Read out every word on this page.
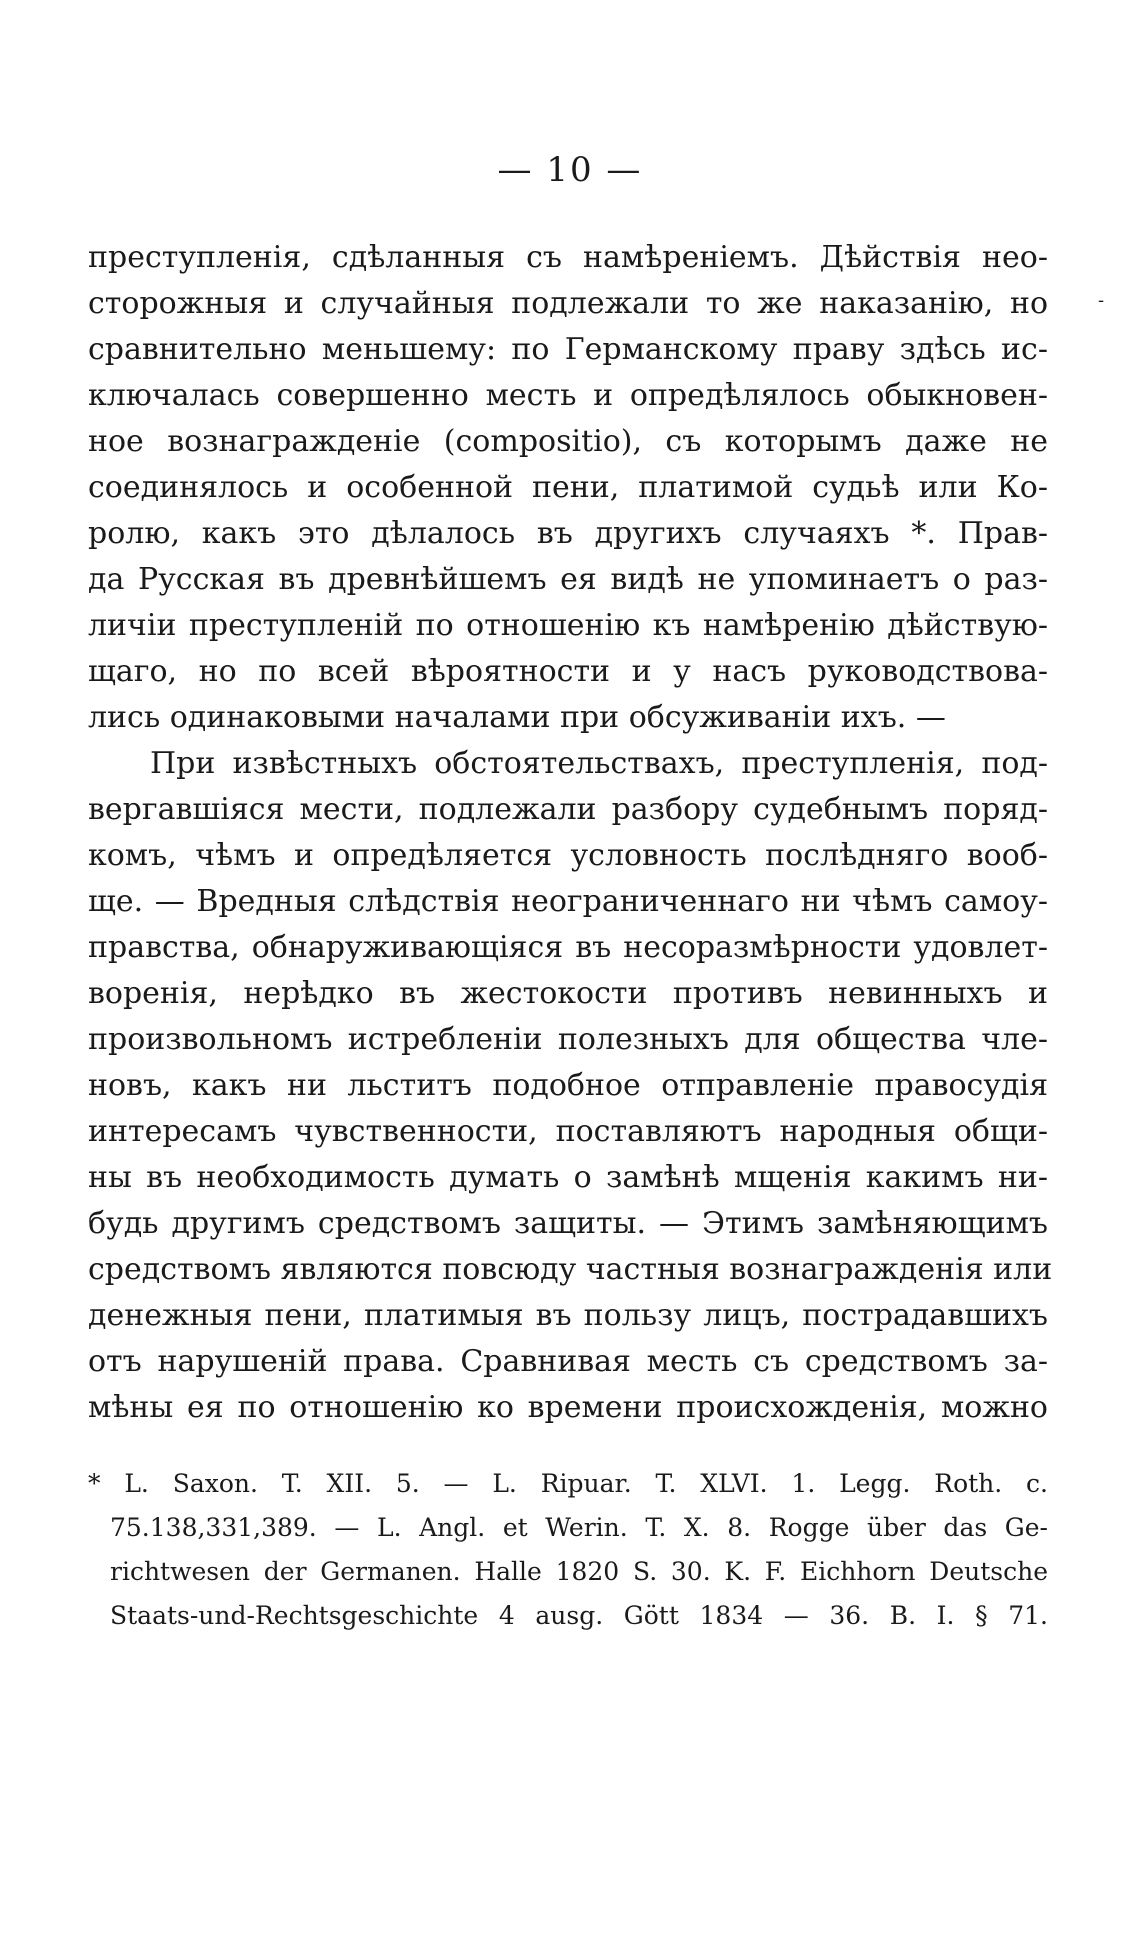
— 10 —
-
преступленія, сдѣланныя съ намѣреніемъ. Дѣйствія нео-
сторожныя и случайныя подлежали то же наказанію, но
сравнительно меньшему: по Германскому праву здѣсь ис-
ключалась совершенно месть и опредѣлялось обыкновен-
ное вознагражденіе (compositio), съ которымъ даже не
соединялось и особенной пени, платимой судьѣ или Ко-
ролю, какъ это дѣлалось въ другихъ случаяхъ *. Прав-
да Русская въ древнѣйшемъ ея видѣ не упоминаетъ о раз-
личіи преступленій по отношенію къ намѣренію дѣйствую-
щаго, но по всей вѣроятности и у насъ руководствова-
лись одинаковыми началами при обсуживаніи ихъ. —
При извѣстныхъ обстоятельствахъ, преступленія, под-
вергавшіяся мести, подлежали разбору судебнымъ поряд-
комъ, чѣмъ и опредѣляется условность послѣдняго вооб-
ще. — Вредныя слѣдствія неограниченнаго ни чѣмъ самоу-
правства, обнаруживающіяся въ несоразмѣрности удовлет-
воренія, нерѣдко въ жестокости противъ невинныхъ и
произвольномъ истребленіи полезныхъ для общества чле-
новъ, какъ ни льститъ подобное отправленіе правосудія
интересамъ чувственности, поставляютъ народныя общи-
ны въ необходимость думать о замѣнѣ мщенія какимъ ни-
будь другимъ средствомъ защиты. — Этимъ замѣняющимъ
средствомъ являются повсюду частныя вознагражденія или
денежныя пени, платимыя въ пользу лицъ, пострадавшихъ
отъ нарушеній права. Сравнивая месть съ средствомъ за-
мѣны ея по отношенію ко времени происхожденія, можно
* L. Saxon. T. XII. 5. — L. Ripuar. T. XLVI. 1. Legg. Roth. c.
75.138,331,389. — L. Angl. et Werin. T. X. 8. Rogge über das Ge-
richtwesen der Germanen. Halle 1820 S. 30. K. F. Eichhorn Deutsche
Staats-und-Rechtsgeschichte 4 ausg. Gött 1834 — 36. B. I. § 71.
